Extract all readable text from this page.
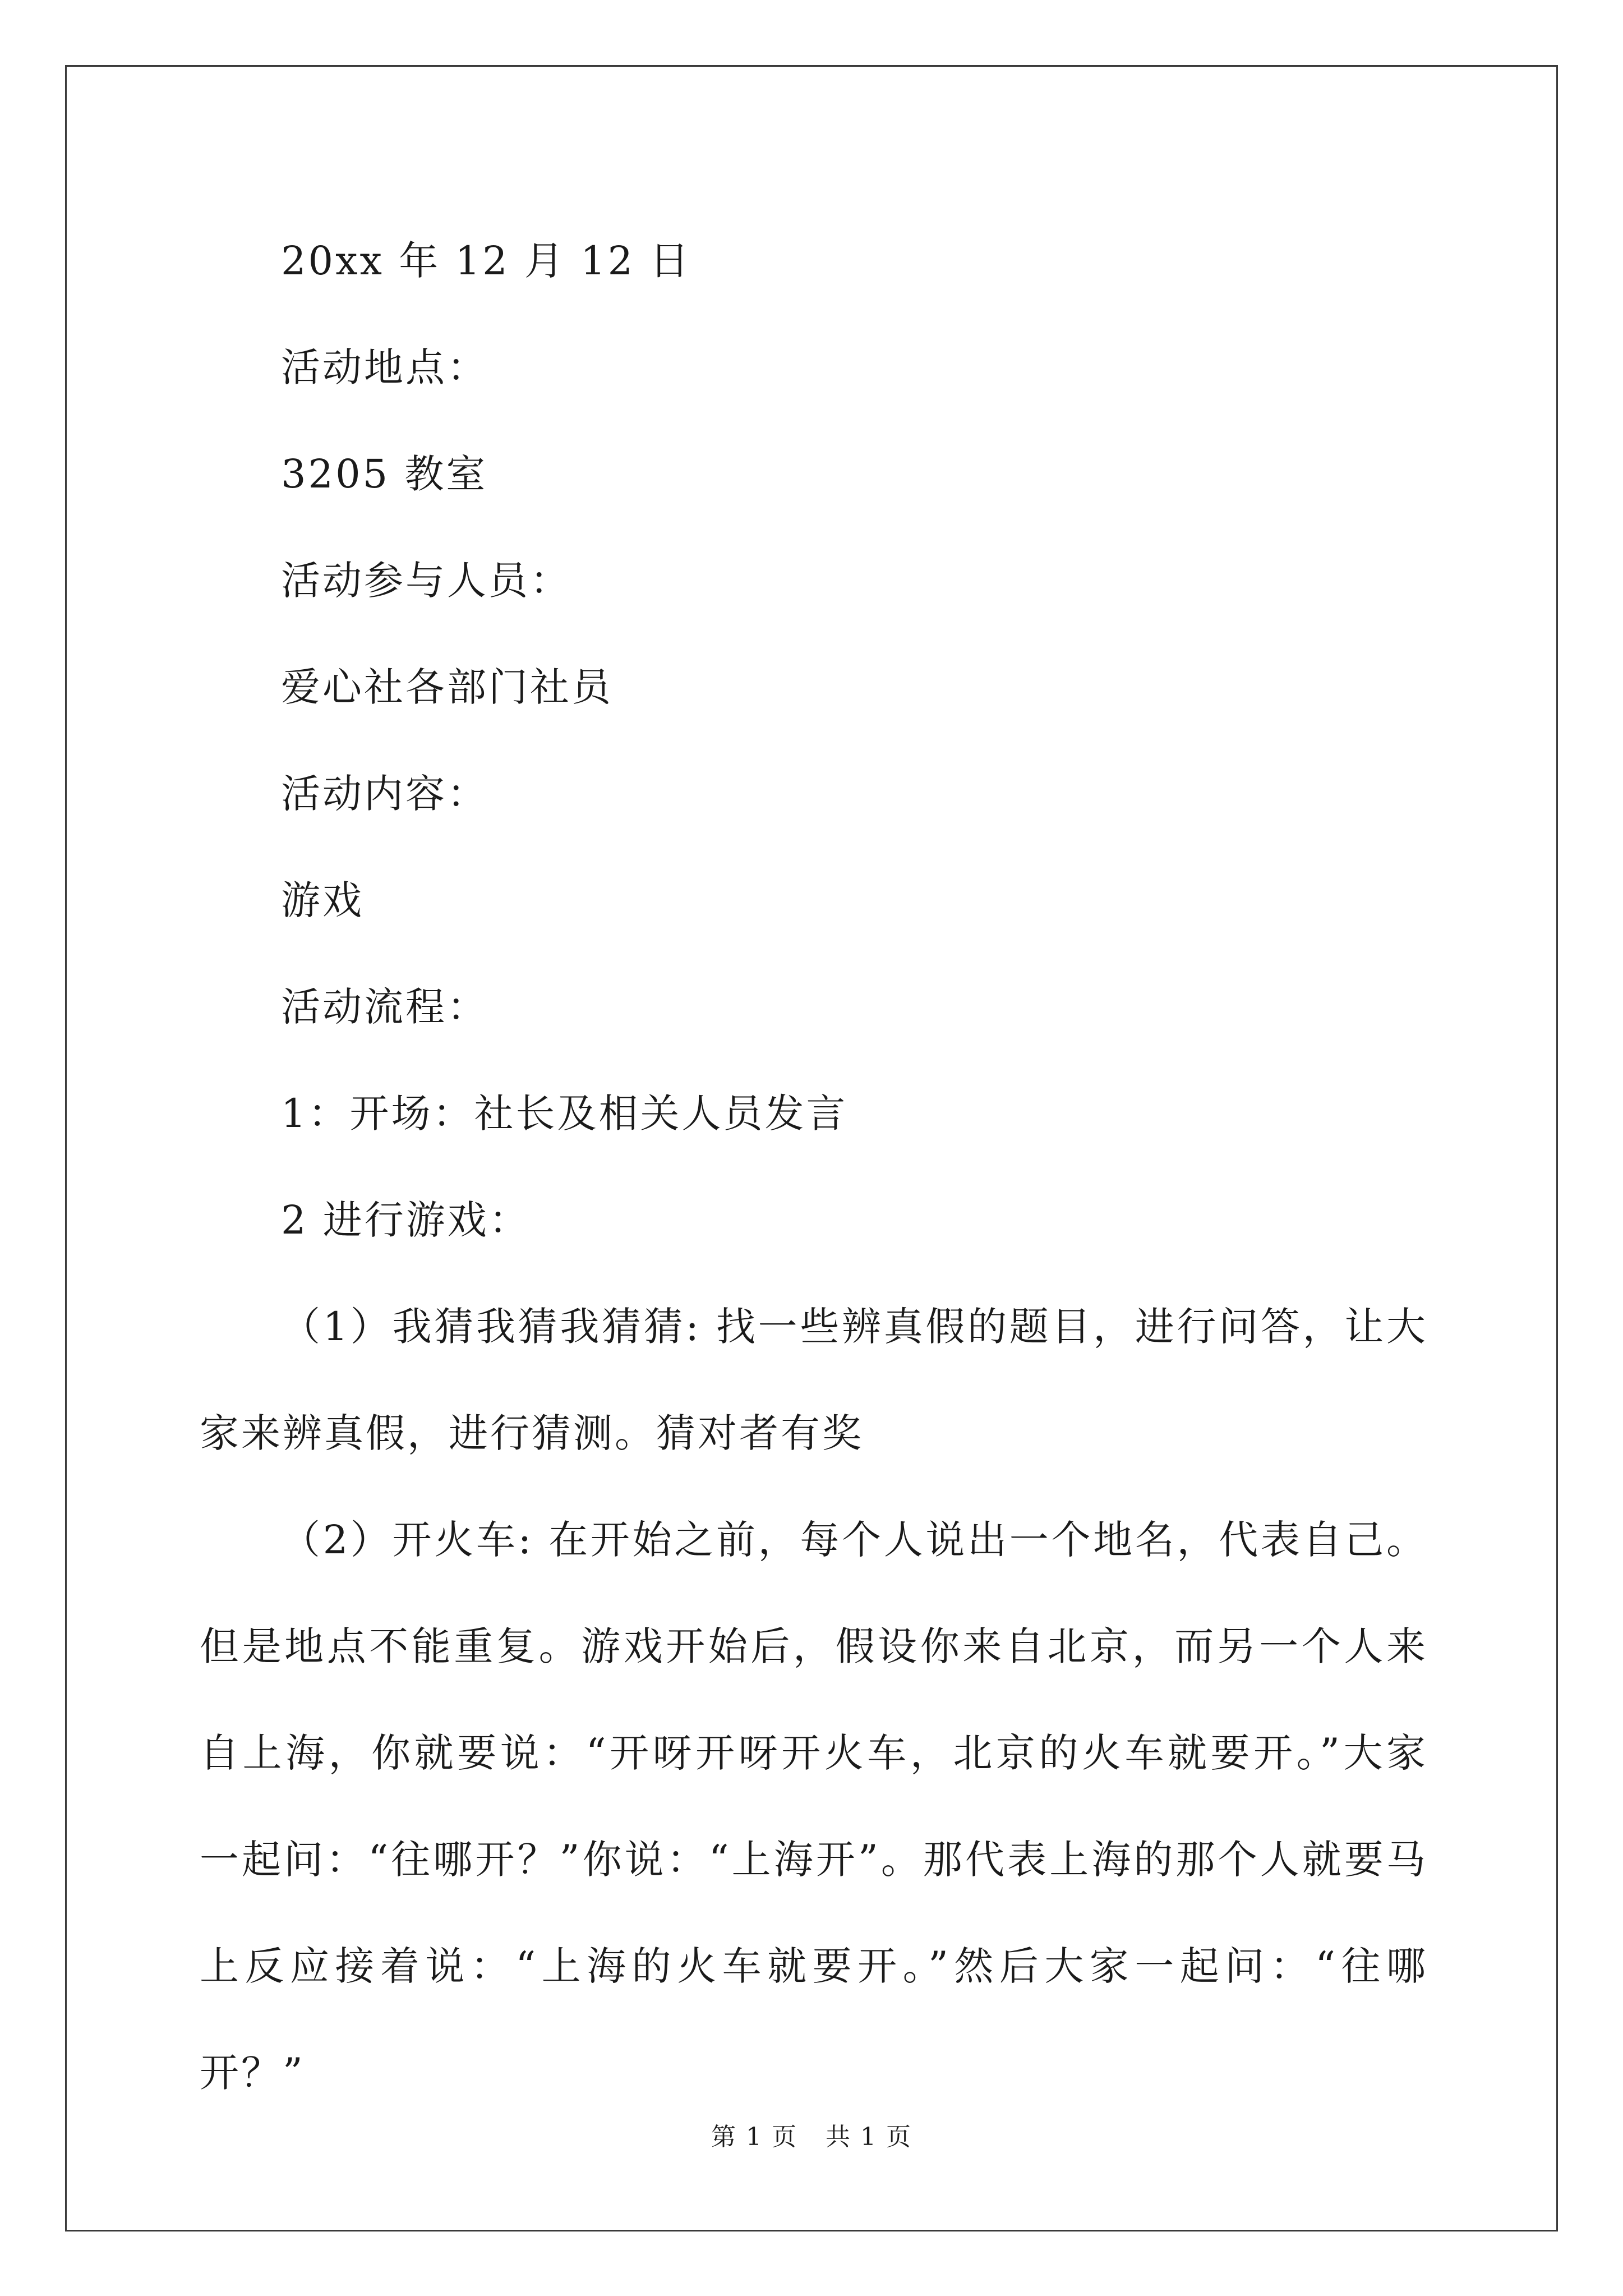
20xx 年 12 月 12 日
活动地点：
3205 教室
活动参与人员：
爱心社各部门社员
活动内容：
游戏
活动流程：
1：开场：社长及相关人员发言
2 进行游戏：

（1）我猜我猜我猜猜: 找一些辨真假的题目，进行问答，让大家来辨真假，进行猜测。猜对者有奖

（2）开火车: 在开始之前，每个人说出一个地名，代表自己。但是地点不能重复。游戏开始后，假设你来自北京，而另一个人来自上海，你就要说：“开呀开呀开火车，北京的火车就要开。”大家一起问：“往哪开？”你说：“上海开”。那代表上海的那个人就要马上反应接着说：“上海的火车就要开。”然后大家一起问：“往哪开？”

第 1 页 共 1 页
